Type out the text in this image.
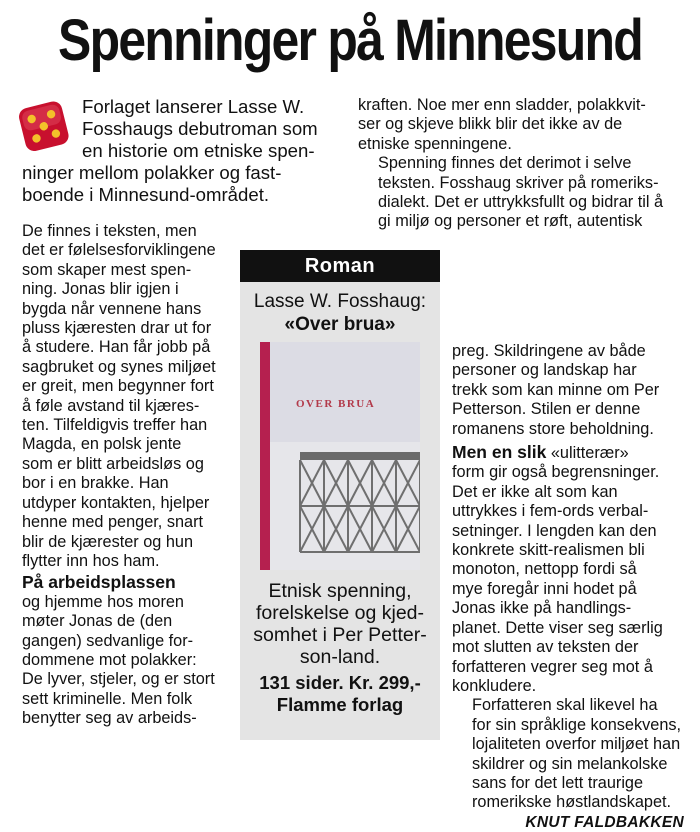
Spenninger på Minnesund
VG
Forlaget lanserer Lasse W.
Fosshaugs debutroman som
en historie om etniske spen-
ninger mellom polakker og fast-
boende i Minnesund-området.

De finnes i teksten, men
det er følelsesforviklingene
som skaper mest spen-
ning. Jonas blir igjen i
bygda når vennene hans
pluss kjæresten drar ut for
å studere. Han får jobb på
sagbruket og synes miljøet
er greit, men begynner fort
å føle avstand til kjæres-
ten. Tilfeldigvis treffer han
Magda, en polsk jente
som er blitt arbeidsløs og
bor i en brakke. Han
utdyper kontakten, hjelper
henne med penger, snart
blir de kjærester og hun
flytter inn hos ham.

På arbeidsplassen

og hjemme hos moren
møter Jonas de (den
gangen) sedvanlige for-
dommene mot polakker:
De lyver, stjeler, og er stort
sett kriminelle. Men folk
benytter seg av arbeids-

Roman
Lasse W. Fosshaug:
«Over brua»
OVER BRUA
Etnisk spenning,
forelskelse og kjed-
somhet i Per Petter-
son-land.
131 sider. Kr. 299,-
Flamme forlag

kraften. Noe mer enn sladder, polakkvit-
ser og skjeve blikk blir det ikke av de
etniske spenningene.

Spenning finnes det derimot i selve
teksten. Fosshaug skriver på romeriks-
dialekt. Det er uttrykksfullt og bidrar til å
gi miljø og personer et røft, autentisk

preg. Skildringene av både
personer og landskap har
trekk som kan minne om Per
Petterson. Stilen er denne
romanens store beholdning.

Men en slik «ulitterær»

form gir også begrensninger.
Det er ikke alt som kan
uttrykkes i fem-ords verbal-
setninger. I lengden kan den
konkrete skitt-realismen bli
monoton, nettopp fordi så
mye foregår inni hodet på
Jonas ikke på handlings-
planet. Dette viser seg særlig
mot slutten av teksten der
forfatteren vegrer seg mot å
konkludere.

Forfatteren skal likevel ha
for sin språklige konsekvens,
lojaliteten overfor miljøet han
skildrer og sin melankolske
sans for det lett traurige
romerikske høstlandskapet.

KNUT FALDBAKKEN
